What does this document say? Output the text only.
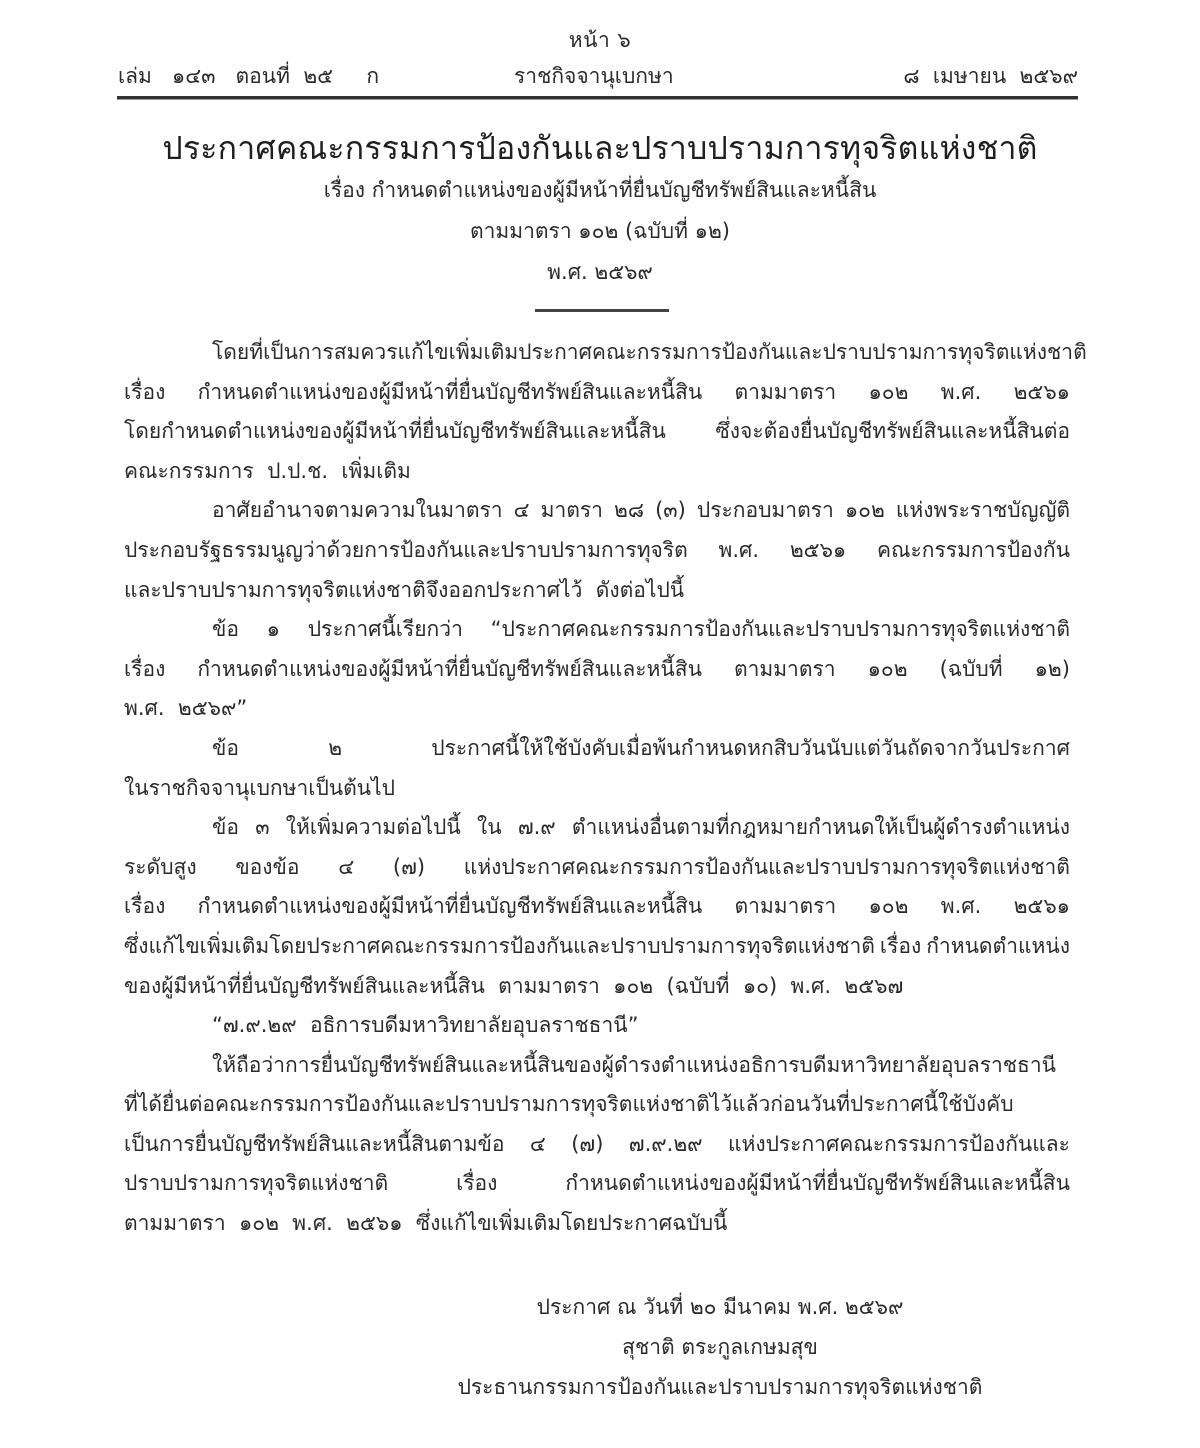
หน้า ๖
เล่ม   ๑๔๓   ตอนที่  ๒๕     ก	ราชกิจจานุเบกษา	๘  เมษายน  ๒๕๖๙
ประกาศคณะกรรมการป้องกันและปราบปรามการทุจริตแห่งชาติ
เรื่อง กำหนดตำแหน่งของผู้มีหน้าที่ยื่นบัญชีทรัพย์สินและหนี้สิน
ตามมาตรา ๑๐๒ (ฉบับที่ ๑๒)
พ.ศ. ๒๕๖๙
โดยที่เป็นการสมควรแก้ไขเพิ่มเติมประกาศคณะกรรมการป้องกันและปราบปรามการทุจริตแห่งชาติ
เรื่อง กำหนดตำแหน่งของผู้มีหน้าที่ยื่นบัญชีทรัพย์สินและหนี้สิน ตามมาตรา ๑๐๒ พ.ศ. ๒๕๖๑
โดยกำหนดตำแหน่งของผู้มีหน้าที่ยื่นบัญชีทรัพย์สินและหนี้สิน ซึ่งจะต้องยื่นบัญชีทรัพย์สินและหนี้สินต่อ
คณะกรรมการ  ป.ป.ช.  เพิ่มเติม
อาศัยอำนาจตามความในมาตรา ๔ มาตรา ๒๘ (๓) ประกอบมาตรา ๑๐๒ แห่งพระราชบัญญัติ
ประกอบรัฐธรรมนูญว่าด้วยการป้องกันและปราบปรามการทุจริต พ.ศ. ๒๕๖๑ คณะกรรมการป้องกัน
และปราบปรามการทุจริตแห่งชาติจึงออกประกาศไว้  ดังต่อไปนี้
ข้อ ๑ ประกาศนี้เรียกว่า “ประกาศคณะกรรมการป้องกันและปราบปรามการทุจริตแห่งชาติ
เรื่อง กำหนดตำแหน่งของผู้มีหน้าที่ยื่นบัญชีทรัพย์สินและหนี้สิน ตามมาตรา ๑๐๒ (ฉบับที่ ๑๒)
พ.ศ.  ๒๕๖๙”
ข้อ	๒	ประกาศนี้ให้ใช้บังคับเมื่อพ้นกำหนดหกสิบวันนับแต่วันถัดจากวันประกาศ
ในราชกิจจานุเบกษาเป็นต้นไป
ข้อ ๓ ให้เพิ่มความต่อไปนี้ ใน ๗.๙ ตำแหน่งอื่นตามที่กฎหมายกำหนดให้เป็นผู้ดำรงตำแหน่ง
ระดับสูง ของข้อ ๔ (๗) แห่งประกาศคณะกรรมการป้องกันและปราบปรามการทุจริตแห่งชาติ
เรื่อง กำหนดตำแหน่งของผู้มีหน้าที่ยื่นบัญชีทรัพย์สินและหนี้สิน ตามมาตรา ๑๐๒ พ.ศ. ๒๕๖๑
ซึ่งแก้ไขเพิ่มเติมโดยประกาศคณะกรรมการป้องกันและปราบปรามการทุจริตแห่งชาติ เรื่อง กำหนดตำแหน่ง
ของผู้มีหน้าที่ยื่นบัญชีทรัพย์สินและหนี้สิน  ตามมาตรา  ๑๐๒  (ฉบับที่  ๑๐)  พ.ศ.  ๒๕๖๗
“๗.๙.๒๙  อธิการบดีมหาวิทยาลัยอุบลราชธานี”
ให้ถือว่าการยื่นบัญชีทรัพย์สินและหนี้สินของผู้ดำรงตำแหน่งอธิการบดีมหาวิทยาลัยอุบลราชธานี
ที่ได้ยื่นต่อคณะกรรมการป้องกันและปราบปรามการทุจริตแห่งชาติไว้แล้วก่อนวันที่ประกาศนี้ใช้บังคับ
เป็นการยื่นบัญชีทรัพย์สินและหนี้สินตามข้อ ๔ (๗) ๗.๙.๒๙ แห่งประกาศคณะกรรมการป้องกันและ
ปราบปรามการทุจริตแห่งชาติ	เรื่อง	กำหนดตำแหน่งของผู้มีหน้าที่ยื่นบัญชีทรัพย์สินและหนี้สิน
ตามมาตรา  ๑๐๒  พ.ศ.  ๒๕๖๑  ซึ่งแก้ไขเพิ่มเติมโดยประกาศฉบับนี้
ประกาศ ณ วันที่ ๒๐ มีนาคม พ.ศ. ๒๕๖๙
สุชาติ ตระกูลเกษมสุข
ประธานกรรมการป้องกันและปราบปรามการทุจริตแห่งชาติ
